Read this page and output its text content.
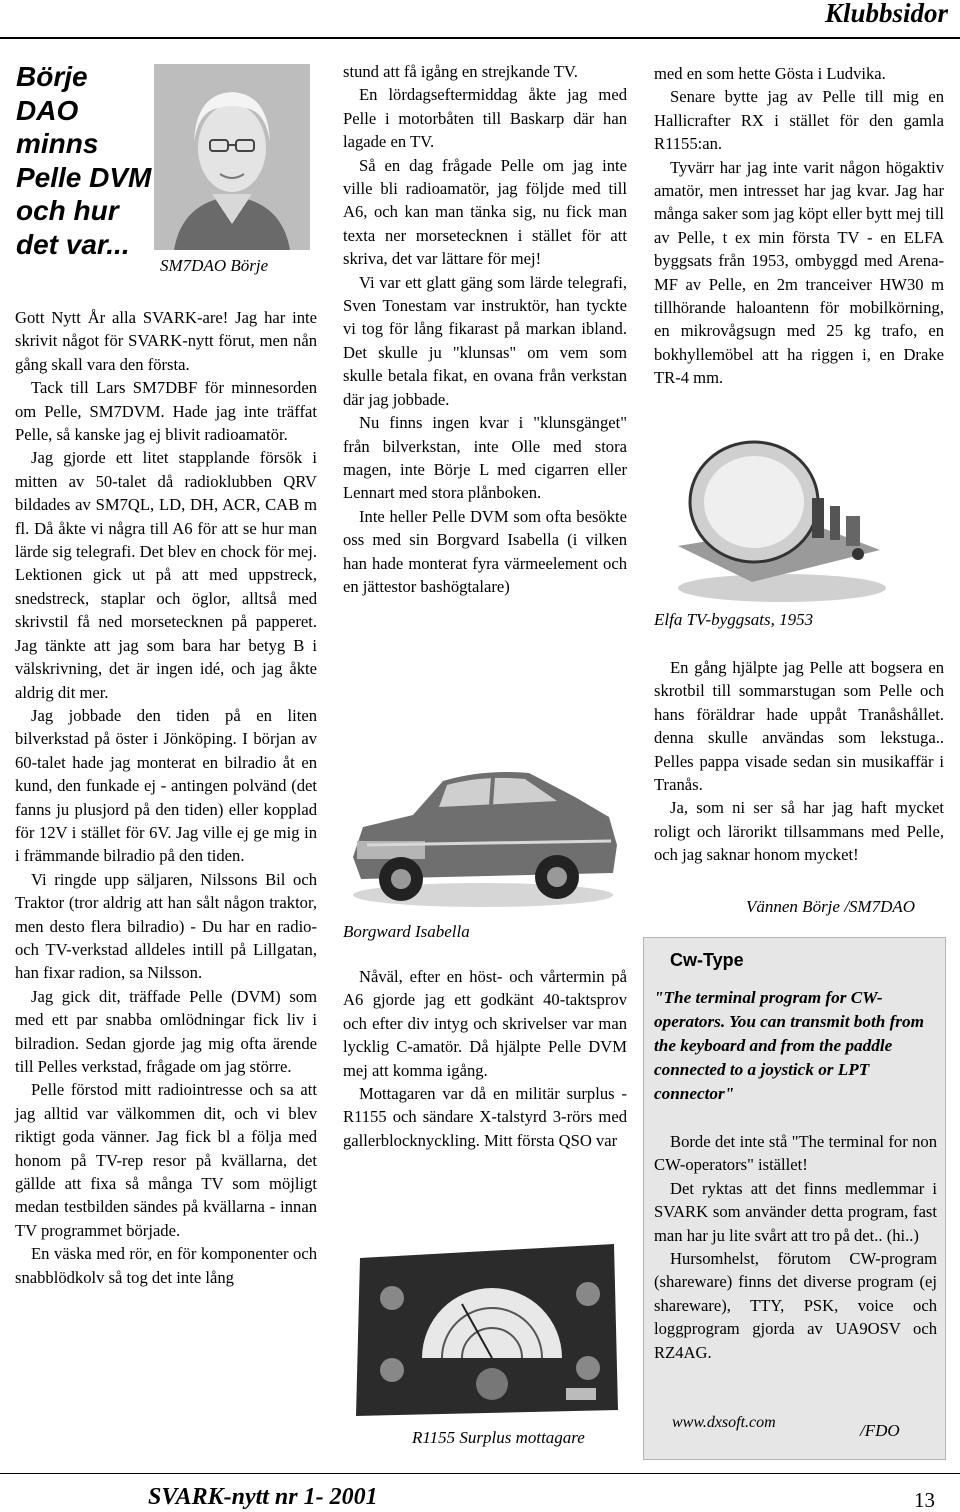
Klubbsidor
Börje DAO minns Pelle DVM och hur det var...
SM7DAO Börje

Gott Nytt År alla SVARK-are! Jag har inte skrivit något för SVARK-nytt förut, men nån gång skall vara den första.

Tack till Lars SM7DBF för minnesorden om Pelle, SM7DVM. Hade jag inte träffat Pelle, så kanske jag ej blivit radioamatör.

Jag gjorde ett litet stapplande försök i mitten av 50-talet då radioklubben QRV bildades av SM7QL, LD, DH, ACR, CAB m fl. Då åkte vi några till A6 för att se hur man lärde sig telegrafi. Det blev en chock för mej. Lektionen gick ut på att med uppstreck, snedstreck, staplar och öglor, alltså med skrivstil få ned morsetecknen på papperet. Jag tänkte att jag som bara har betyg B i välskrivning, det är ingen idé, och jag åkte aldrig dit mer.

Jag jobbade den tiden på en liten bilverkstad på öster i Jönköping. I början av 60-talet hade jag monterat en bilradio åt en kund, den funkade ej - antingen polvänd (det fanns ju plusjord på den tiden) eller kopplad för 12V i stället för 6V. Jag ville ej ge mig in i främmande bilradio på den tiden.

Vi ringde upp säljaren, Nilssons Bil och Traktor (tror aldrig att han sålt någon traktor, men desto flera bilradio) - Du har en radio- och TV-verkstad alldeles intill på Lillgatan, han fixar radion, sa Nilsson.

Jag gick dit, träffade Pelle (DVM) som med ett par snabba omlödningar fick liv i bilradion. Sedan gjorde jag mig ofta ärende till Pelles verkstad, frågade om jag större.

Pelle förstod mitt radiointresse och sa att jag alltid var välkommen dit, och vi blev riktigt goda vänner. Jag fick bl a följa med honom på TV-rep resor på kvällarna, det gällde att fixa så många TV som möjligt medan testbilden sändes på kvällarna - innan TV programmet började.

En väska med rör, en för komponenter och snabblödkolv så tog det inte lång

stund att få igång en strejkande TV.

En lördagseftermiddag åkte jag med Pelle i motorbåten till Baskarp där han lagade en TV.

Så en dag frågade Pelle om jag inte ville bli radioamatör, jag följde med till A6, och kan man tänka sig, nu fick man texta ner morsetecknen i stället för att skriva, det var lättare för mej!

Vi var ett glatt gäng som lärde telegrafi, Sven Tonestam var instruktör, han tyckte vi tog för lång fikarast på markan ibland. Det skulle ju "klunsas" om vem som skulle betala fikat, en ovana från verkstan där jag jobbade.

Nu finns ingen kvar i "klunsgänget" från bilverkstan, inte Olle med stora magen, inte Börje L med cigarren eller Lennart med stora plånboken.

Inte heller Pelle DVM som ofta besökte oss med sin Borgvard Isabella (i vilken han hade monterat fyra värmeelement och en jättestor bashögtalare)

Borgward Isabella

Nåväl, efter en höst- och vårtermin på A6 gjorde jag ett godkänt 40-taktsprov och efter div intyg och skrivelser var man lycklig C-amatör. Då hjälpte Pelle DVM mej att komma igång.

Mottagaren var då en militär surplus - R1155 och sändare X-talstyrd 3-rörs med gallerblocknyckling. Mitt första QSO var

R1155 Surplus mottagare

med en som hette Gösta i Ludvika.

Senare bytte jag av Pelle till mig en Hallicrafter RX i stället för den gamla R1155:an.

Tyvärr har jag inte varit någon högaktiv amatör, men intresset har jag kvar. Jag har många saker som jag köpt eller bytt mej till av Pelle, t ex min första TV - en ELFA byggsats från 1953, ombyggd med Arena-MF av Pelle, en 2m tranceiver HW30 m tillhörande haloantenn för mobilkörning, en mikrovågsugn med 25 kg trafo, en bokhyllemöbel att ha riggen i, en Drake TR-4 mm.

Elfa TV-byggsats, 1953

En gång hjälpte jag Pelle att bogsera en skrotbil till sommarstugan som Pelle och hans föräldrar hade uppåt Tranåshållet. denna skulle användas som lekstuga.. Pelles pappa visade sedan sin musikaffär i Tranås.

Ja, som ni ser så har jag haft mycket roligt och lärorikt tillsammans med Pelle, och jag saknar honom mycket!

Vännen Börje /SM7DAO
Cw-Type
"The terminal program for CW-operators. You can transmit both from the keyboard and from the paddle connected to a joystick or LPT connector"

Borde det inte stå "The terminal for non CW-operators" istället!

Det ryktas att det finns medlemmar i SVARK som använder detta program, fast man har ju lite svårt att tro på det.. (hi..)

Hursomhelst, förutom CW-program (shareware) finns det diverse program (ej shareware), TTY, PSK, voice och loggprogram gjorda av UA9OSV och RZ4AG.

www.dxsoft.com	/FDO
SVARK-nytt nr 1- 2001	13
